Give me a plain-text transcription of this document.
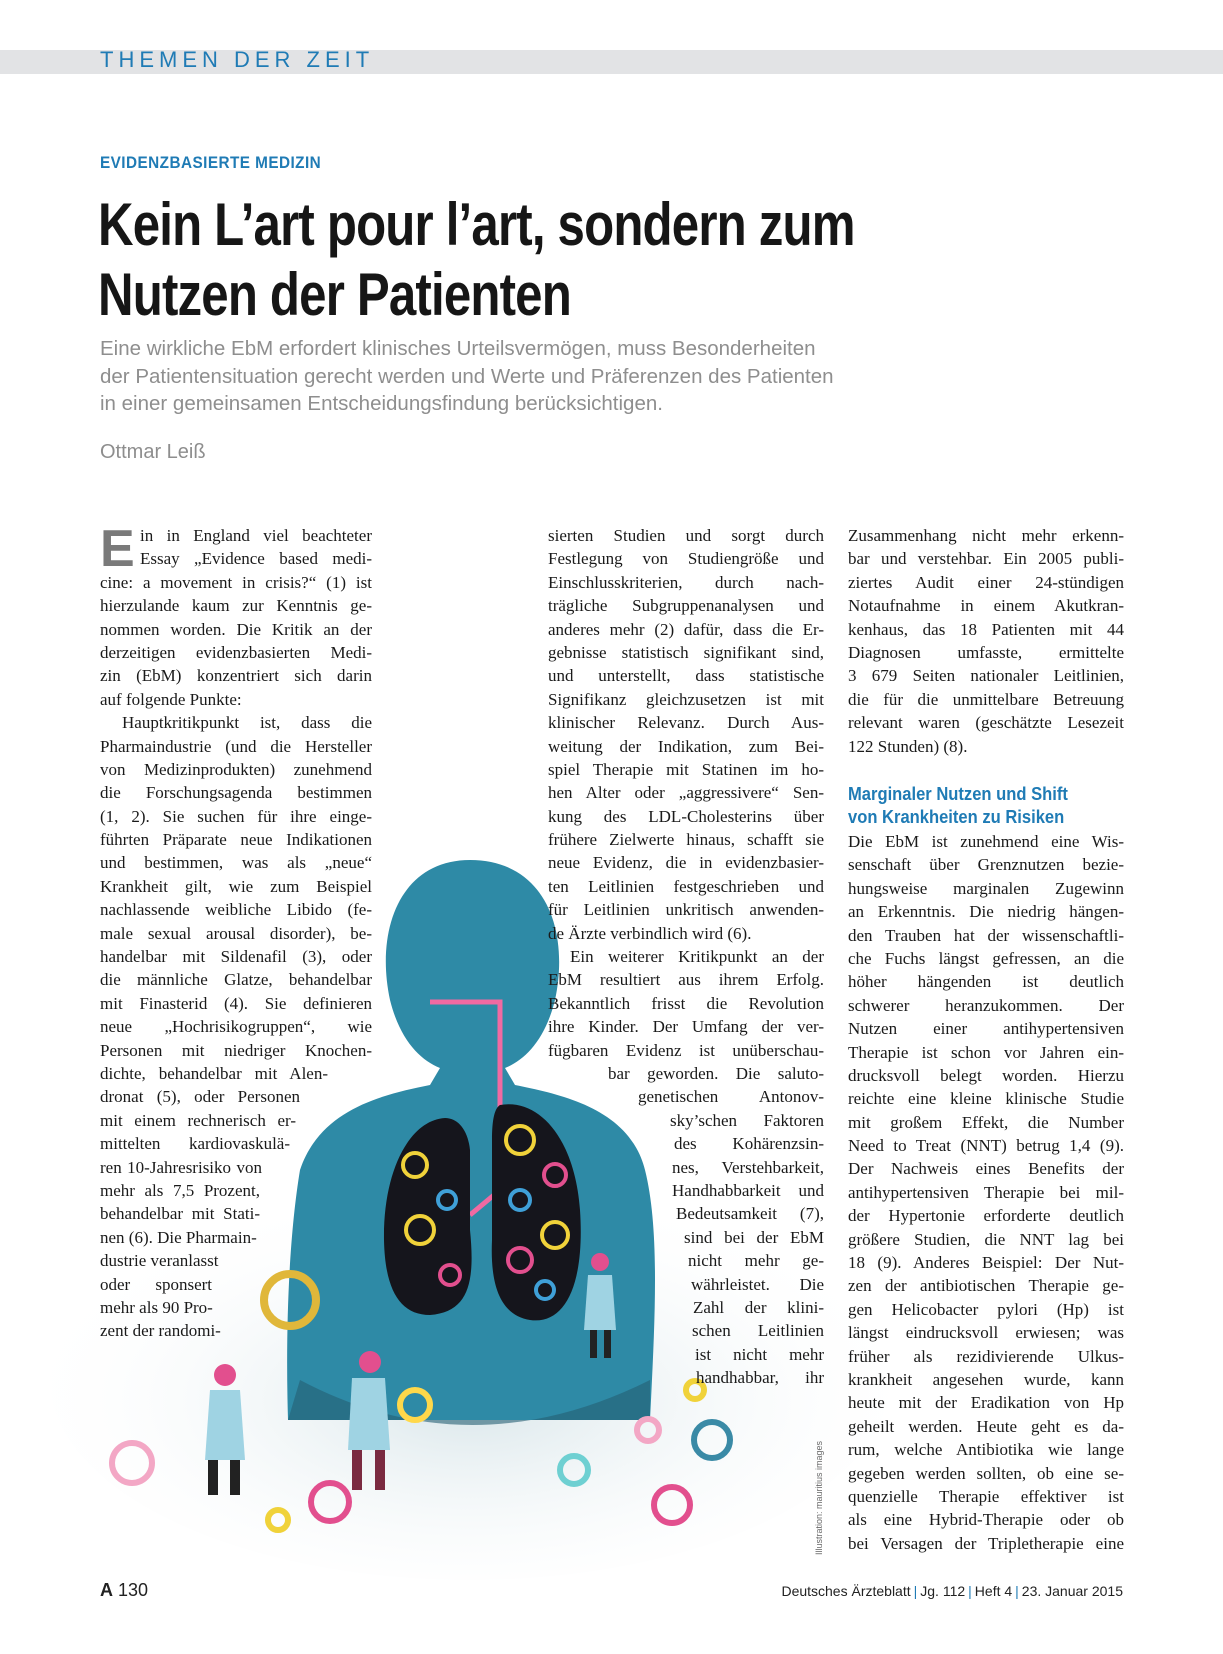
THEMEN DER ZEIT
EVIDENZBASIERTE MEDIZIN
Kein L’art pour l’art, sondern zum
Nutzen der Patienten
Eine wirkliche EbM erfordert klinisches Urteilsvermögen, muss Besonderheiten
der Patientensituation gerecht werden und Werte und Präferenzen des Patienten
in einer gemeinsamen Entscheidungsfindung berücksichtigen.
Ottmar Leiß
E in in England viel beachteter
Essay „Evidence based medi-
cine: a movement in crisis?“ (1) ist
hierzulande kaum zur Kenntnis ge-
nommen worden. Die Kritik an der
derzeitigen evidenzbasierten Medi-
zin (EbM) konzentriert sich darin
auf folgende Punkte:
Hauptkritikpunkt ist, dass die
Pharmaindustrie (und die Hersteller
von Medizinprodukten) zunehmend
die Forschungsagenda bestimmen
(1, 2). Sie suchen für ihre einge-
führten Präparate neue Indikationen
und bestimmen, was als „neue“
Krankheit gilt, wie zum Beispiel
nachlassende weibliche Libido (fe-
male sexual arousal disorder), be-
handelbar mit Sildenafil (3), oder
die männliche Glatze, behandelbar
mit Finasterid (4). Sie definieren
neue „Hochrisikogruppen“, wie
Personen mit niedriger Knochen-
dichte, behandelbar mit Alen-
dronat (5), oder Personen
mit einem rechnerisch er-
mittelten kardiovaskulä-
ren 10-Jahresrisiko von
mehr als 7,5 Prozent,
behandelbar mit Stati-
nen (6). Die Pharmain-
dustrie veranlasst
oder sponsert
mehr als 90 Pro-
zent der randomi-
sierten Studien und sorgt durch
Festlegung von Studiengröße und
Einschlusskriterien, durch nach-
trägliche Subgruppenanalysen und
anderes mehr (2) dafür, dass die Er-
gebnisse statistisch signifikant sind,
und unterstellt, dass statistische
Signifikanz gleichzusetzen ist mit
klinischer Relevanz. Durch Aus-
weitung der Indikation, zum Bei-
spiel Therapie mit Statinen im ho-
hen Alter oder „aggressivere“ Sen-
kung des LDL-Cholesterins über
frühere Zielwerte hinaus, schafft sie
neue Evidenz, die in evidenzbasier-
ten Leitlinien festgeschrieben und
für Leitlinien unkritisch anwenden-
de Ärzte verbindlich wird (6).
Ein weiterer Kritikpunkt an der
EbM resultiert aus ihrem Erfolg.
Bekanntlich frisst die Revolution
ihre Kinder. Der Umfang der ver-
fügbaren Evidenz ist unüberschau-
bar geworden. Die saluto-
genetischen Antonov-
sky’schen Faktoren
des Kohärenzsin-
nes, Verstehbarkeit,
Handhabbarkeit und
Bedeutsamkeit (7),
sind bei der EbM
nicht mehr ge-
währleistet. Die
Zahl der klini-
schen Leitlinien
ist nicht mehr
handhabbar, ihr
Zusammenhang nicht mehr erkenn-
bar und verstehbar. Ein 2005 publi-
ziertes Audit einer 24-stündigen
Notaufnahme in einem Akutkran-
kenhaus, das 18 Patienten mit 44
Diagnosen umfasste, ermittelte
3 679 Seiten nationaler Leitlinien,
die für die unmittelbare Betreuung
relevant waren (geschätzte Lesezeit
122 Stunden) (8).
Marginaler Nutzen und Shift
von Krankheiten zu Risiken
Die EbM ist zunehmend eine Wis-
senschaft über Grenznutzen bezie-
hungsweise marginalen Zugewinn
an Erkenntnis. Die niedrig hängen-
den Trauben hat der wissenschaftli-
che Fuchs längst gefressen, an die
höher hängenden ist deutlich
schwerer heranzukommen. Der
Nutzen einer antihypertensiven
Therapie ist schon vor Jahren ein-
drucksvoll belegt worden. Hierzu
reichte eine kleine klinische Studie
mit großem Effekt, die Number
Need to Treat (NNT) betrug 1,4 (9).
Der Nachweis eines Benefits der
antihypertensiven Therapie bei mil-
der Hypertonie erforderte deutlich
größere Studien, die NNT lag bei
18 (9). Anderes Beispiel: Der Nut-
zen der antibiotischen Therapie ge-
gen Helicobacter pylori (Hp) ist
längst eindrucksvoll erwiesen; was
früher als rezidivierende Ulkus-
krankheit angesehen wurde, kann
heute mit der Eradikation von Hp
geheilt werden. Heute geht es da-
rum, welche Antibiotika wie lange
gegeben werden sollten, ob eine se-
quenzielle Therapie effektiver ist
als eine Hybrid-Therapie oder ob
bei Versagen der Tripletherapie eine
Illustration: mauritius images
A 130	Deutsches Ärzteblatt | Jg. 112 | Heft 4 | 23. Januar 2015
